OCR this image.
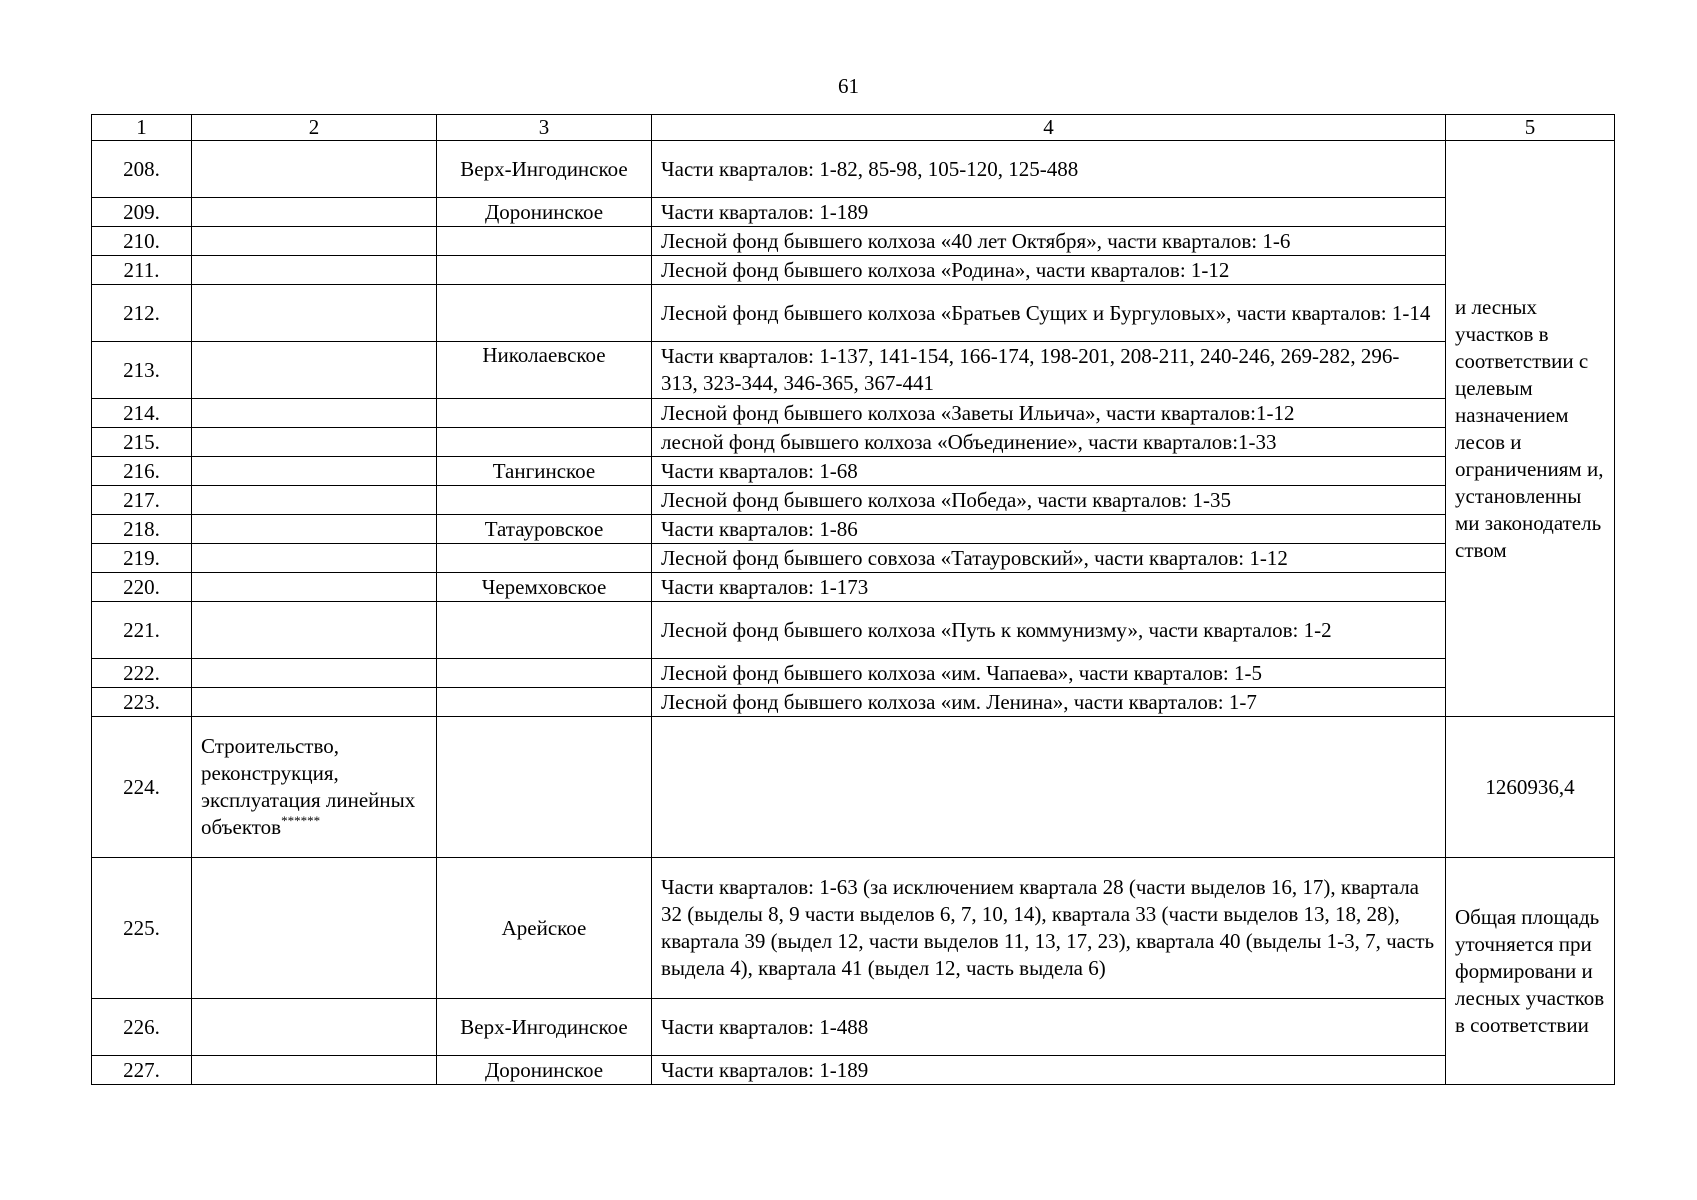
61
1	2	3	4	5
208.		Верх-Ингодинское	Части кварталов: 1-82, 85-98, 105-120, 125-488	и лесных участков в соответствии с целевым назначением лесов и ограничениям и, установленны ми законодатель ством
209.		Доронинское	Части кварталов: 1-189	
210.			Лесной фонд бывшего колхоза «40 лет Октября», части кварталов: 1-6	
211.			Лесной фонд бывшего колхоза «Родина», части кварталов: 1-12	
212.			Лесной фонд бывшего колхоза «Братьев Сущих и Бургуловых», части кварталов: 1-14	
213.		Николаевское	Части кварталов: 1-137, 141-154, 166-174, 198-201, 208-211, 240-246, 269-282, 296-313, 323-344, 346-365, 367-441	
214.			Лесной фонд бывшего колхоза «Заветы Ильича», части кварталов:1-12	
215.			лесной фонд бывшего колхоза «Объединение», части кварталов:1-33	
216.		Тангинское	Части кварталов: 1-68	
217.			Лесной фонд бывшего колхоза «Победа», части кварталов: 1-35	
218.		Татауровское	Части кварталов: 1-86	
219.			Лесной фонд бывшего совхоза «Татауровский», части кварталов: 1-12	
220.		Черемховское	Части кварталов: 1-173	
221.			Лесной фонд бывшего колхоза «Путь к коммунизму», части кварталов: 1-2	
222.			Лесной фонд бывшего колхоза «им. Чапаева», части кварталов: 1-5	
223.			Лесной фонд бывшего колхоза «им. Ленина», части кварталов: 1-7	
224.	Строительство, реконструкция, эксплуатация линейных объектов******			1260936,4
225.		Арейское	Части кварталов: 1-63 (за исключением квартала 28 (части выделов 16, 17), квартала 32 (выделы 8, 9 части выделов 6, 7, 10, 14), квартала 33 (части выделов 13, 18, 28), квартала 39 (выдел 12, части выделов 11, 13, 17, 23), квартала 40 (выделы 1-3, 7, часть выдела 4), квартала 41 (выдел 12, часть выдела 6)	Общая площадь уточняется при формировани и лесных участков в соответствии
226.		Верх-Ингодинское	Части кварталов: 1-488	
227.		Доронинское	Части кварталов: 1-189	
